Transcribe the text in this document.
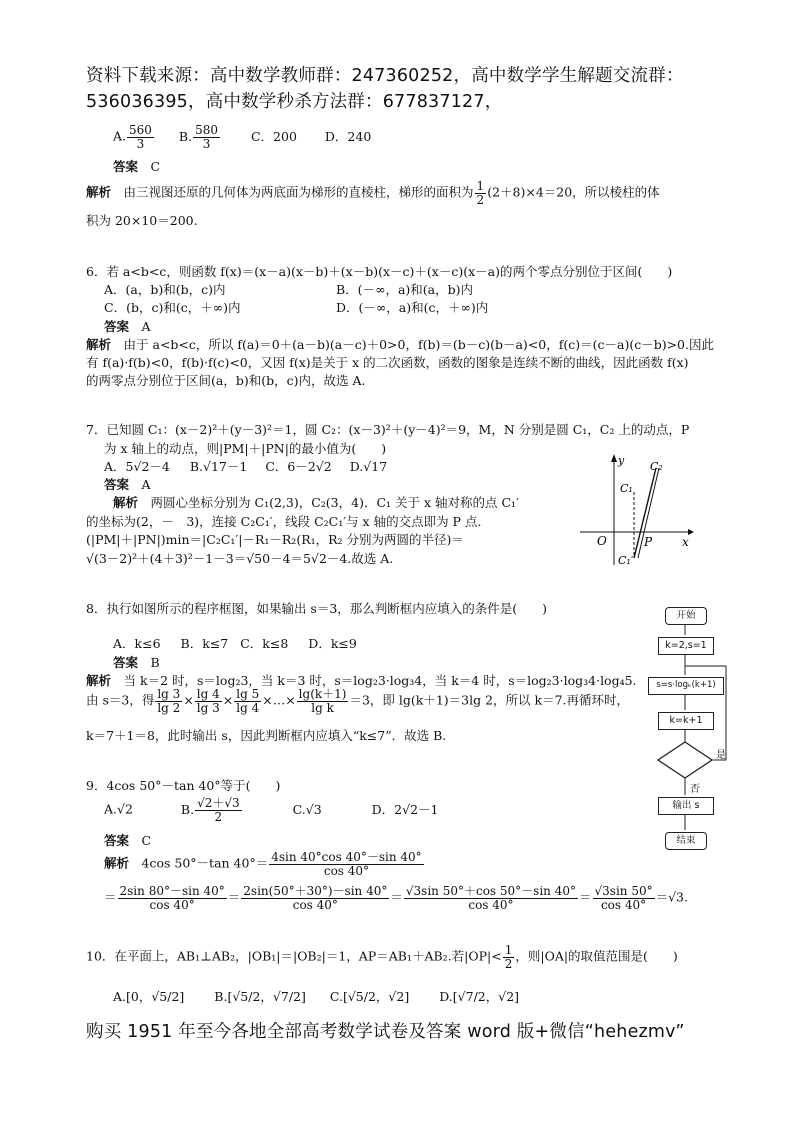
资料下载来源：高中数学教师群：247360252，高中数学学生解题交流群：
536036395，高中数学秒杀方法群：677837127，
A. $\frac{560}{3} B$. $\frac{580}{3}$ C．200 D．240
答案　 C
解析　 由三视图还原的几何体为两底面为梯形的直棱柱，梯形的面积为 $\frac{1}{2} (2+8)\times 4=20$，所以棱柱的体
积为 20×10＝200.
6．若 a<b<c，则函数 f(x)＝(x－a)(x－b)＋(x－b)(x－c)＋(x－c)(x－a)的两个零点分别位于区间(　　)
A．(a，b)和(b，c)内	B．(－∞，a)和(a，b)内
C．(b，c)和(c，＋∞)内	D．(－∞，a)和(c，＋∞)内
答案　 A
解析　 由于 a<b<c，所以 f(a)＝0＋(a－b)(a－c)＋0>0，f(b)＝(b－c)(b－a)<0，f(c)＝(c－a)(c－b)>0.因此
有 f(a)·f(b)<0，f(b)·f(c)<0，又因 f(x)是关于 x 的二次函数，函数的图象是连续不断的曲线，因此函数 f(x)
的两零点分别位于区间(a，b)和(b，c)内，故选 A.
7．已知圆 C₁：(x－2)²＋(y－3)²＝1，圆 C₂：(x－3)²＋(y－4)²＝9，M，N 分别是圆 C₁，C₂ 上的动点，P
为 x 轴上的动点，则|PM|＋|PN|的最小值为(　　)
A．5√2－4 B.√17－1 C．6－2√2 D.√17
答案　 A
解析　 两圆心坐标分别为 C₁(2,3)，C₂(3，4)．C₁ 关于 x 轴对称的点 C₁′
的坐标为(2，－　3)，连接 C₂C₁′，线段 C₂C₁′与 x 轴的交点即为 P 点.
(|PM|＋|PN|)min＝|C₂C₁′|－R₁－R₂(R₁，R₂ 分别为两圆的半径)＝
√(3－2)²＋(4＋3)²－1－3＝√50－4＝5√2－4.故选 A.
y
x
O	P
C₁
C₂
C₁′
8．执行如图所示的程序框图，如果输出 s＝3，那么判断框内应填入的条件是(　　)
A．k≤6 B．k≤7 C．k≤8 D．k≤9
答案　 B
解析　 当 k＝2 时，s＝log₂3，当 k＝3 时，s＝log₂3·log₃4，当 k＝4 时，s＝log₂3·log₃4·log₄5.
由 s＝3，得 $\frac{\lg 3}{\lg 2} \times \frac{\lg 4}{\lg 3} \times \frac{\lg 5}{\lg 4}$ ×…× $\frac{\lg(k+1)}{\text{lg k}} =3$，即 lg(k＋1)＝3lg 2，所以 k＝7.再循环时，
k＝7＋1＝8，此时输出 s，因此判断框内应填入“k≤7”．故选 B.
开始
k=2,s=1
s=s·logₖ(k+1)
k=k+1
是
否
输出 s
结束
9．4cos 50°－tan 40°等于(　　)
A.√2	B. $\frac{√2+√3}{2}$	C.√3	D．2√2－1
答案　 C
解析　 4cos 50°－tan $40^\circ= \frac{4\sin 40^\circ\cos 40^\circ-\sin 40^\circ}{\cos 40^\circ}$
＝ $\frac{2\sin 80^\circ-\sin 40^\circ}{\cos 40^\circ} = \frac{2\sin(50^\circ+30^\circ)-\sin 40^\circ}{\cos 40^\circ} = \frac{√3\sin 50^\circ+\cos 50^\circ-\sin 40^\circ}{\cos 40^\circ} = \frac{√3\sin 50^\circ}{\cos 40^\circ} =√3$.
10．在平面上，AB₁⊥AB₂，|OB₁|＝|OB₂|＝1，AP＝AB₁＋AB₂.若$|OP|< \frac{1}{2}$ ，则|OA|的取值范围是(　　)
A.[0，√5/2] B.[√5/2，√7/2] C.[√5/2，√2] D.[√7/2，√2]
购买 1951 年至今各地全部高考数学试卷及答案 word 版+微信“hehezmv”
